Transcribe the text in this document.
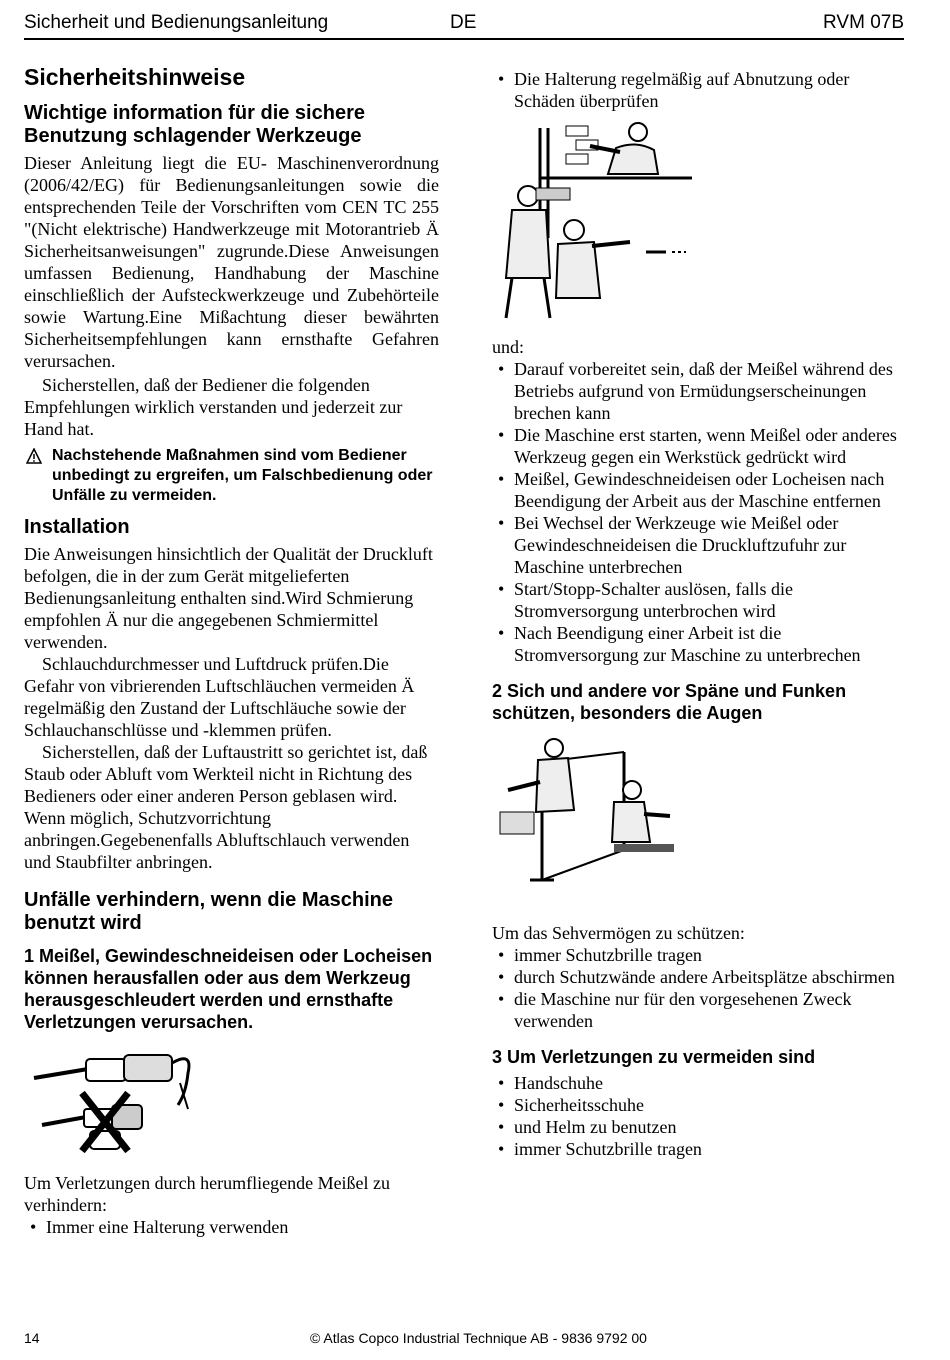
Sicherheit und Bedienungsanleitung	DE	RVM 07B
Sicherheitshinweise
Wichtige information für die sichere Benutzung schlagender Werkzeuge

Dieser Anleitung liegt die EU- Maschinenverordnung (2006/42/EG) für Bedienungsanleitungen sowie die entsprechenden Teile der Vorschriften vom CEN TC 255 "(Nicht elektrische) Handwerkzeuge mit Motorantrieb Ä Sicherheitsanweisungen" zugrunde.Diese Anweisungen umfassen Bedienung, Handhabung der Maschine einschließlich der Aufsteckwerkzeuge und Zubehörteile sowie Wartung.Eine Mißachtung dieser bewährten Sicherheitsempfehlungen kann ernsthafte Gefahren verursachen.

Sicherstellen, daß der Bediener die folgenden Empfehlungen wirklich verstanden und jederzeit zur Hand hat.

Nachstehende Maßnahmen sind vom Bediener unbedingt zu ergreifen, um Falschbedienung oder Unfälle zu vermeiden.
Installation

Die Anweisungen hinsichtlich der Qualität der Druckluft befolgen, die in der zum Gerät mitgelieferten Bedienungsanleitung enthalten sind.Wird Schmierung empfohlen Ä nur die angegebenen Schmiermittel verwenden.

Schlauchdurchmesser und Luftdruck prüfen.Die Gefahr von vibrierenden Luftschläuchen vermeiden Ä regelmäßig den Zustand der Luftschläuche sowie der Schlauchanschlüsse und -klemmen prüfen.

Sicherstellen, daß der Luftaustritt so gerichtet ist, daß Staub oder Abluft vom Werkteil nicht in Richtung des Bedieners oder einer anderen Person geblasen wird. Wenn möglich, Schutzvorrichtung anbringen.Gegebenenfalls Abluftschlauch verwenden und Staubfilter anbringen.

Unfälle verhindern, wenn die Maschine benutzt wird
1 Meißel, Gewindeschneideisen oder Locheisen können herausfallen oder aus dem Werkzeug herausgeschleudert werden und ernsthafte Verletzungen verursachen.

Um Verletzungen durch herumfliegende Meißel zu verhindern:

• Immer eine Halterung verwenden
• Die Halterung regelmäßig auf Abnutzung oder Schäden überprüfen

und:

• Darauf vorbereitet sein, daß der Meißel während des Betriebs aufgrund von Ermüdungserscheinungen brechen kann
• Die Maschine erst starten, wenn Meißel oder anderes Werkzeug gegen ein Werkstück gedrückt wird
• Meißel, Gewindeschneideisen oder Locheisen nach Beendigung der Arbeit aus der Maschine entfernen
• Bei Wechsel der Werkzeuge wie Meißel oder Gewindeschneideisen die Druckluftzufuhr zur Maschine unterbrechen
• Start/Stopp-Schalter auslösen, falls die Stromversorgung unterbrochen wird
• Nach Beendigung einer Arbeit ist die Stromversorgung zur Maschine zu unterbrechen
2 Sich und andere vor Späne und Funken schützen, besonders die Augen

Um das Sehvermögen zu schützen:

• immer Schutzbrille tragen
• durch Schutzwände andere Arbeitsplätze abschirmen
• die Maschine nur für den vorgesehenen Zweck verwenden
3 Um Verletzungen zu vermeiden sind
• Handschuhe
• Sicherheitsschuhe
• und Helm zu benutzen
• immer Schutzbrille tragen
14	© Atlas Copco Industrial Technique AB - 9836 9792 00
